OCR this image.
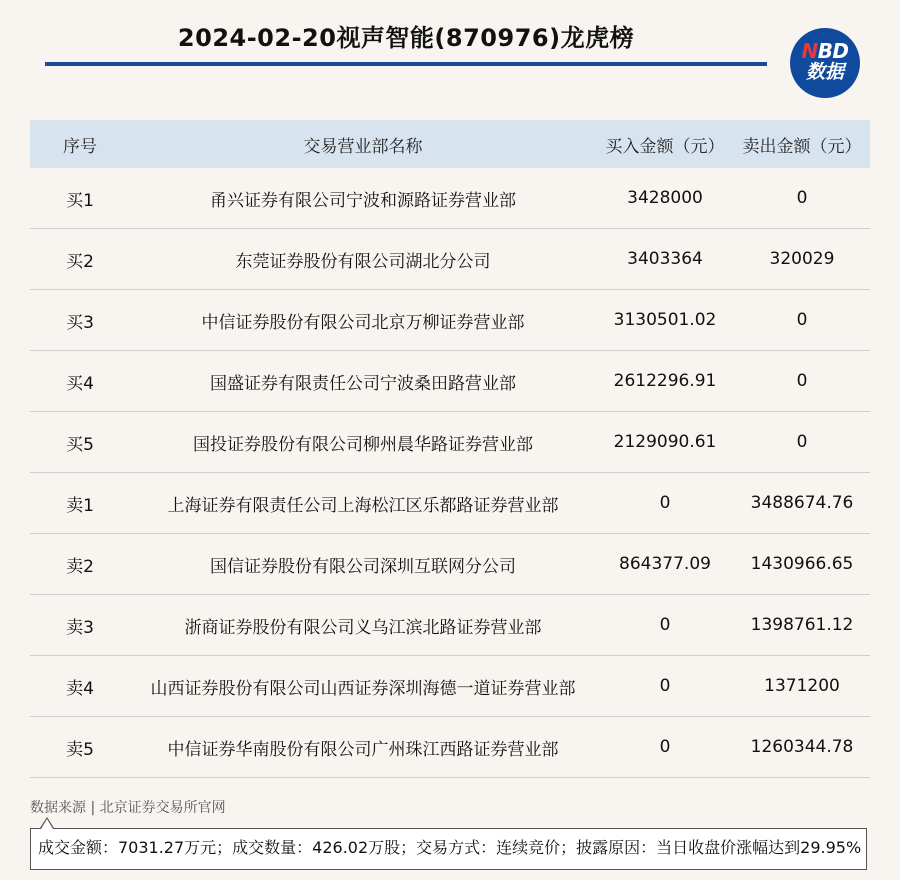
2024-02-20视声智能(870976)龙虎榜	NBD
数据
序号	交易营业部名称	买入金额（元）	卖出金额（元）
买1	甬兴证券有限公司宁波和源路证券营业部	3428000	0
买2	东莞证券股份有限公司湖北分公司	3403364	320029
买3	中信证券股份有限公司北京万柳证券营业部	3130501.02	0
买4	国盛证券有限责任公司宁波桑田路营业部	2612296.91	0
买5	国投证券股份有限公司柳州晨华路证券营业部	2129090.61	0
卖1	上海证券有限责任公司上海松江区乐都路证券营业部	0	3488674.76
卖2	国信证券股份有限公司深圳互联网分公司	864377.09	1430966.65
卖3	浙商证券股份有限公司义乌江滨北路证券营业部	0	1398761.12
卖4	山西证券股份有限公司山西证券深圳海德一道证券营业部	0	1371200
卖5	中信证券华南股份有限公司广州珠江西路证券营业部	0	1260344.78
数据来源 | 北京证券交易所官网
成交金额：7031.27万元；成交数量：426.02万股；交易方式：连续竞价；披露原因：当日收盘价涨幅达到29.95%
